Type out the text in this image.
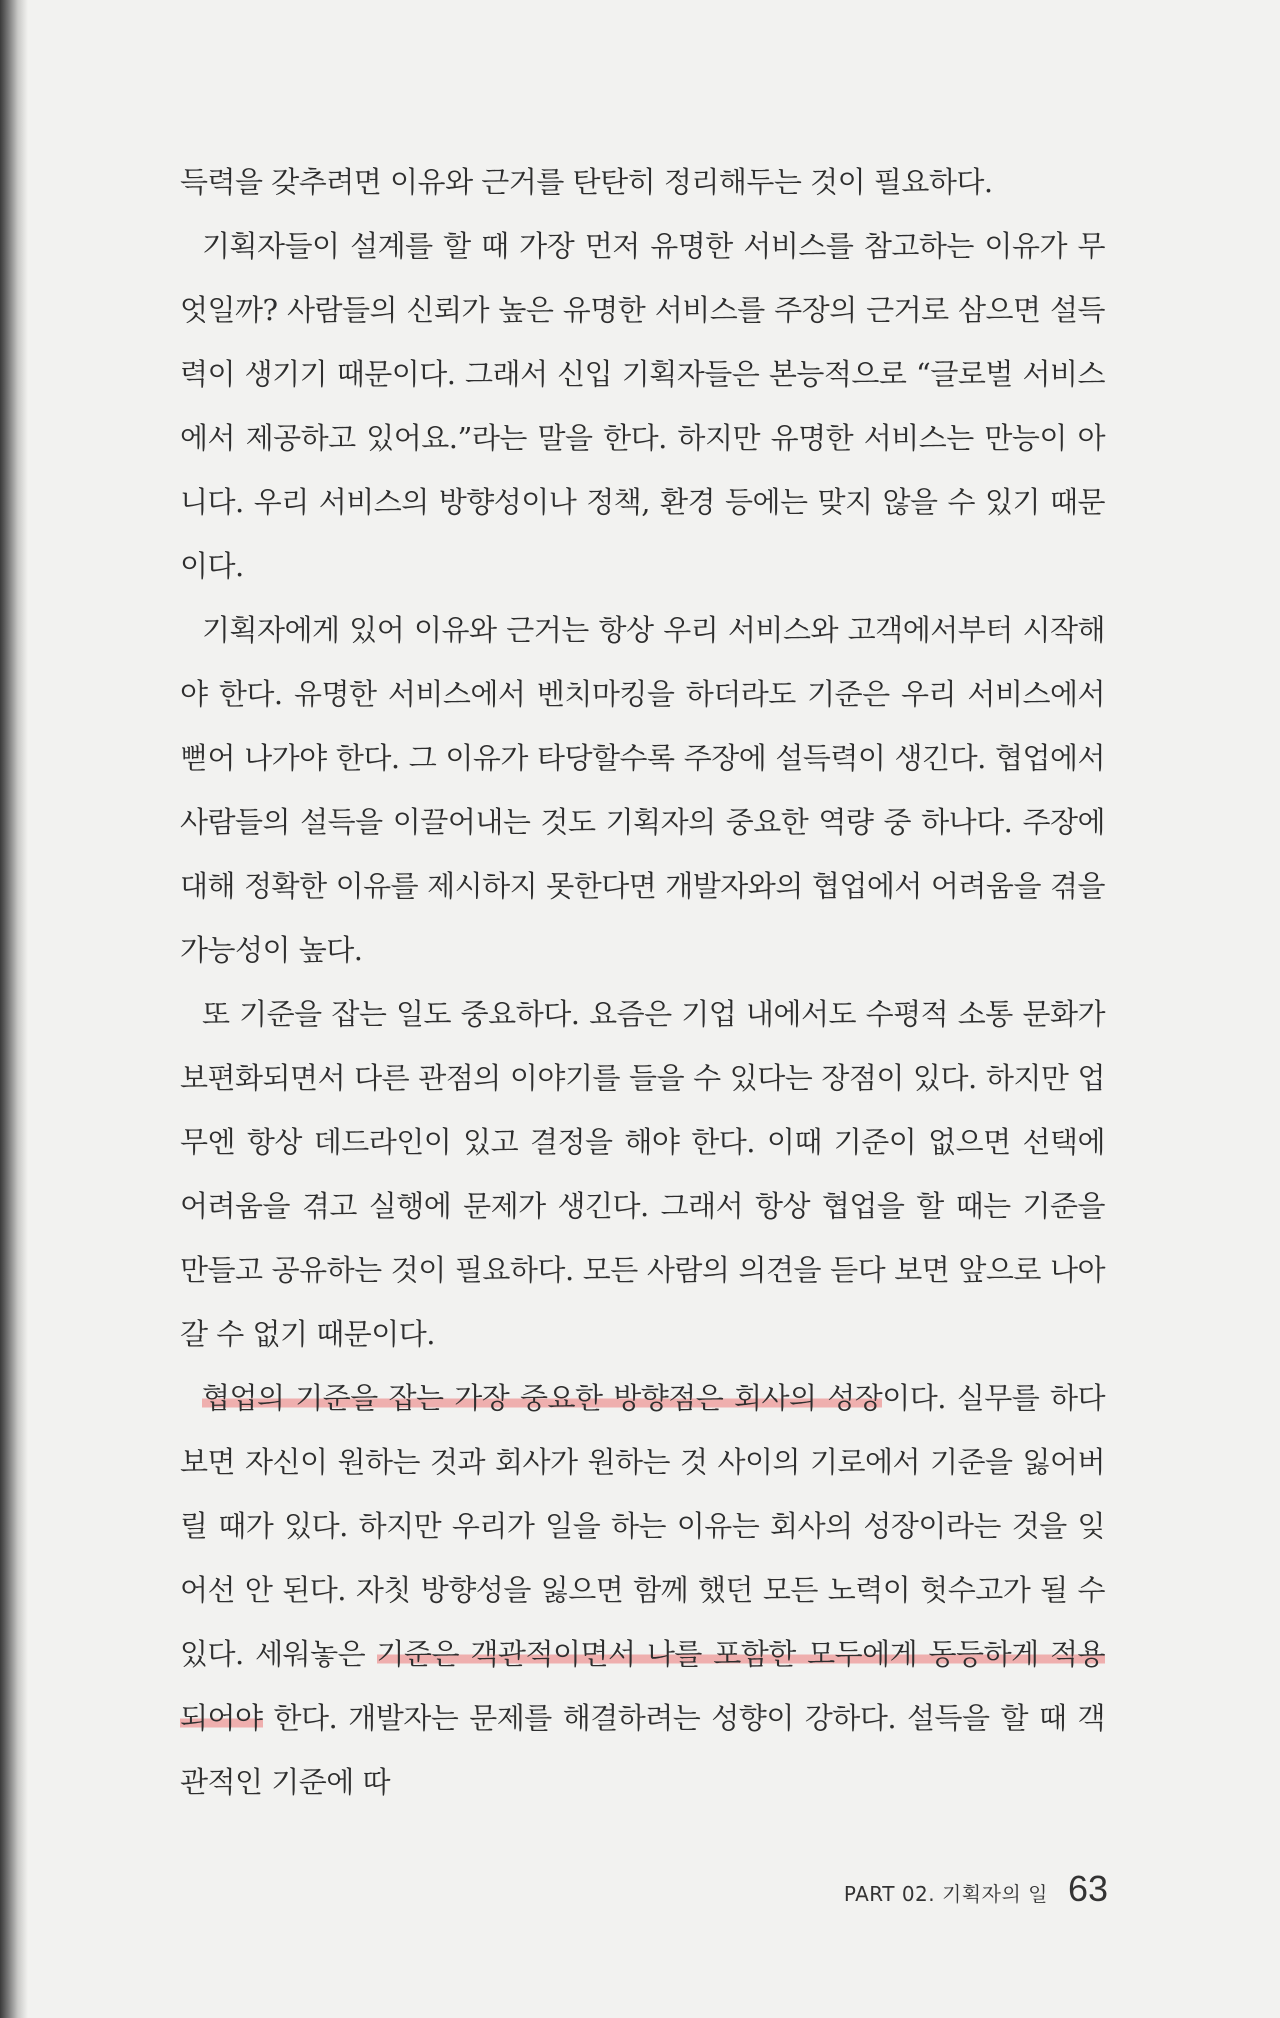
득력을 갖추려면 이유와 근거를 탄탄히 정리해두는 것이 필요하다.

기획자들이 설계를 할 때 가장 먼저 유명한 서비스를 참고하는 이유가 무엇일까? 사람들의 신뢰가 높은 유명한 서비스를 주장의 근거로 삼으면 설득력이 생기기 때문이다. 그래서 신입 기획자들은 본능적으로 “글로벌 서비스에서 제공하고 있어요.”라는 말을 한다. 하지만 유명한 서비스는 만능이 아니다. 우리 서비스의 방향성이나 정책, 환경 등에는 맞지 않을 수 있기 때문이다.

기획자에게 있어 이유와 근거는 항상 우리 서비스와 고객에서부터 시작해야 한다. 유명한 서비스에서 벤치마킹을 하더라도 기준은 우리 서비스에서 뻗어 나가야 한다. 그 이유가 타당할수록 주장에 설득력이 생긴다. 협업에서 사람들의 설득을 이끌어내는 것도 기획자의 중요한 역량 중 하나다. 주장에 대해 정확한 이유를 제시하지 못한다면 개발자와의 협업에서 어려움을 겪을 가능성이 높다.

또 기준을 잡는 일도 중요하다. 요즘은 기업 내에서도 수평적 소통 문화가 보편화되면서 다른 관점의 이야기를 들을 수 있다는 장점이 있다. 하지만 업무엔 항상 데드라인이 있고 결정을 해야 한다. 이때 기준이 없으면 선택에 어려움을 겪고 실행에 문제가 생긴다. 그래서 항상 협업을 할 때는 기준을 만들고 공유하는 것이 필요하다. 모든 사람의 의견을 듣다 보면 앞으로 나아갈 수 없기 때문이다.

협업의 기준을 잡는 가장 중요한 방향점은 회사의 성장이다. 실무를 하다 보면 자신이 원하는 것과 회사가 원하는 것 사이의 기로에서 기준을 잃어버릴 때가 있다. 하지만 우리가 일을 하는 이유는 회사의 성장이라는 것을 잊어선 안 된다. 자칫 방향성을 잃으면 함께 했던 모든 노력이 헛수고가 될 수 있다. 세워놓은 기준은 객관적이면서 나를 포함한 모두에게 동등하게 적용되어야 한다. 개발자는 문제를 해결하려는 성향이 강하다. 설득을 할 때 객관적인 기준에 따

PART 02. 기획자의 일 63
